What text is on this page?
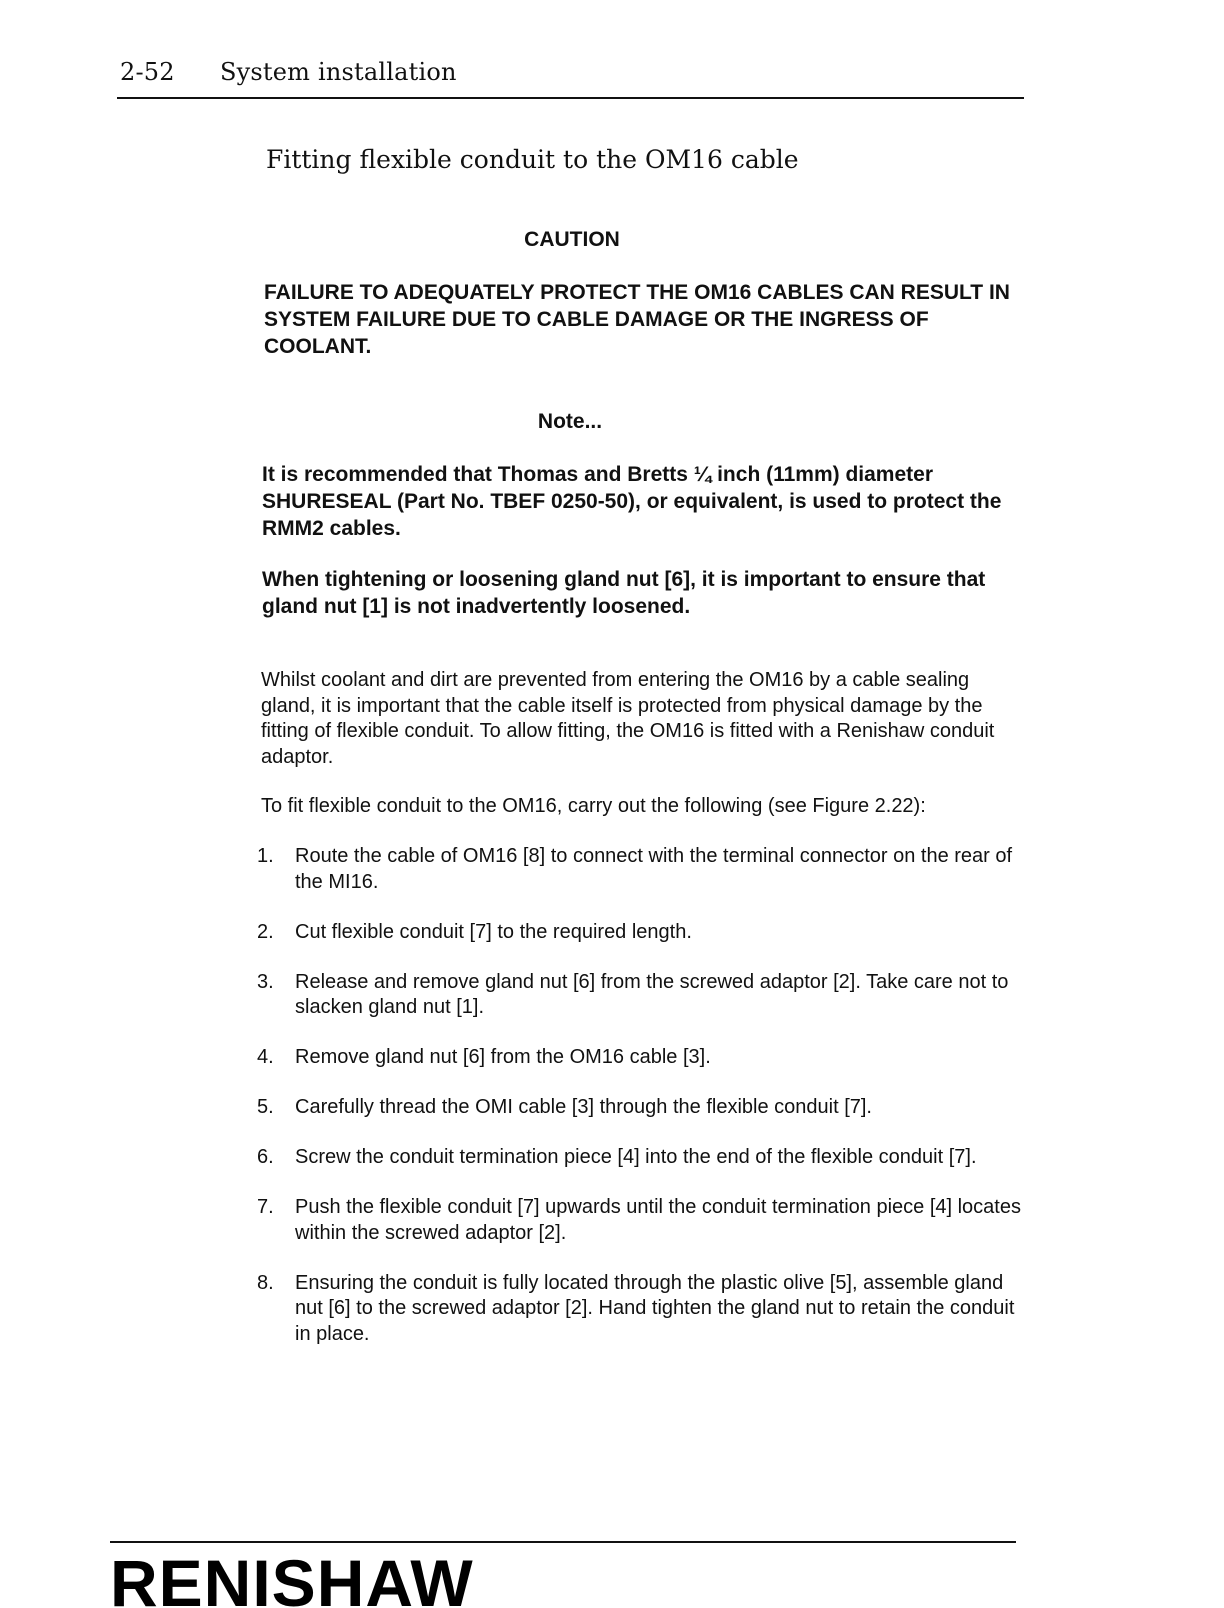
2-52 System installation
Fitting flexible conduit to the OM16 cable
CAUTION

FAILURE TO ADEQUATELY PROTECT THE OM16 CABLES CAN RESULT IN SYSTEM FAILURE DUE TO CABLE DAMAGE OR THE INGRESS OF COOLANT.

Note...

It is recommended that Thomas and Bretts ¼ inch (11mm) diameter SHURESEAL (Part No. TBEF 0250-50), or equivalent, is used to protect the RMM2 cables.

When tightening or loosening gland nut [6], it is important to ensure that gland nut [1] is not inadvertently loosened.

Whilst coolant and dirt are prevented from entering the OM16 by a cable sealing gland, it is important that the cable itself is protected from physical damage by the fitting of flexible conduit. To allow fitting, the OM16 is fitted with a Renishaw conduit adaptor.

To fit flexible conduit to the OM16, carry out the following (see Figure 2.22):

1. Route the cable of OM16 [8] to connect with the terminal connector on the rear of the MI16.
2. Cut flexible conduit [7] to the required length.
3. Release and remove gland nut [6] from the screwed adaptor [2]. Take care not to slacken gland nut [1].
4. Remove gland nut [6] from the OM16 cable [3].
5. Carefully thread the OMI cable [3] through the flexible conduit [7].
6. Screw the conduit termination piece [4] into the end of the flexible conduit [7].
7. Push the flexible conduit [7] upwards until the conduit termination piece [4] locates within the screwed adaptor [2].
8. Ensuring the conduit is fully located through the plastic olive [5], assemble gland nut [6] to the screwed adaptor [2]. Hand tighten the gland nut to retain the conduit in place.
RENISHAW
